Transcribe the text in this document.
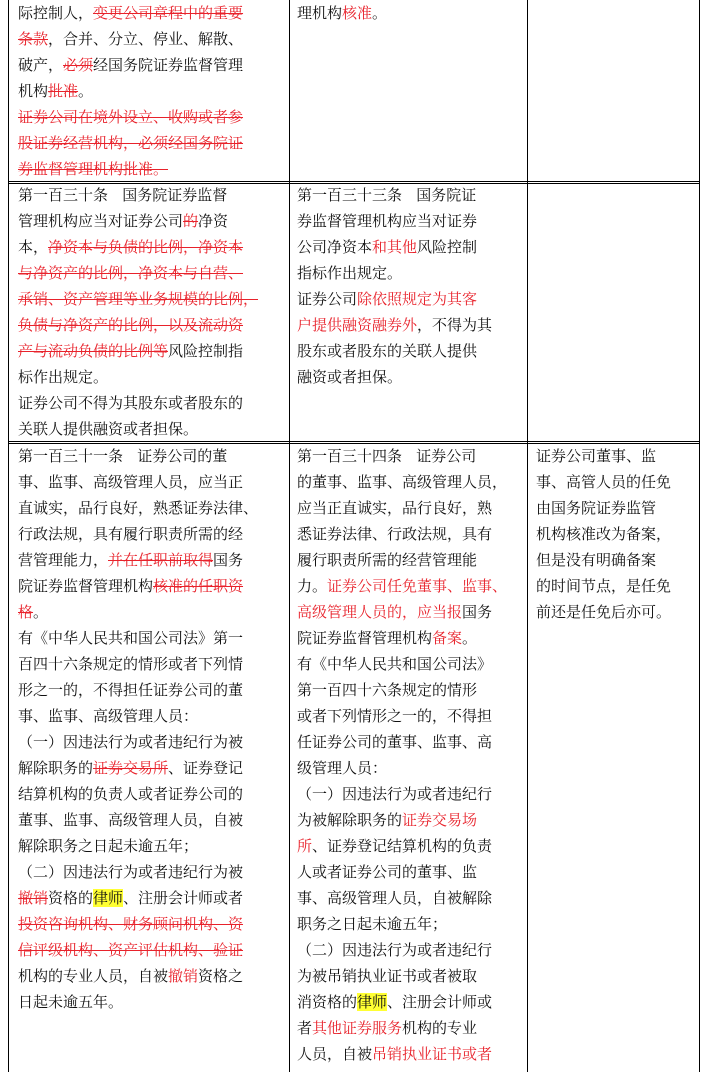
际控制人，变更公司章程中的重要

条款，合并、分立、停业、解散、

破产，必须经国务院证券监督管理

机构批准。

证券公司在境外设立、收购或者参

股证券经营机构，必须经国务院证

券监督管理机构批准。

理机构核准。

第一百三十条   国务院证券监督

管理机构应当对证券公司的净资

本，净资本与负债的比例，净资本

与净资产的比例，净资本与自营、

承销、资产管理等业务规模的比例，

负债与净资产的比例，以及流动资

产与流动负债的比例等风险控制指

标作出规定。

证券公司不得为其股东或者股东的

关联人提供融资或者担保。

第一百三十三条   国务院证

券监督管理机构应当对证券

公司净资本和其他风险控制

指标作出规定。

证券公司除依照规定为其客

户提供融资融券外，不得为其

股东或者股东的关联人提供

融资或者担保。

第一百三十一条   证券公司的董

事、监事、高级管理人员，应当正

直诚实，品行良好，熟悉证券法律、

行政法规，具有履行职责所需的经

营管理能力，并在任职前取得国务

院证券监督管理机构核准的任职资

格。

有《中华人民共和国公司法》第一

百四十六条规定的情形或者下列情

形之一的，不得担任证券公司的董

事、监事、高级管理人员：

（一）因违法行为或者违纪行为被

解除职务的证券交易所、证券登记

结算机构的负责人或者证券公司的

董事、监事、高级管理人员，自被

解除职务之日起未逾五年；

（二）因违法行为或者违纪行为被

撤销资格的律师、注册会计师或者

投资咨询机构、财务顾问机构、资

信评级机构、资产评估机构、验证

机构的专业人员，自被撤销资格之

日起未逾五年。

第一百三十四条   证券公司

的董事、监事、高级管理人员，

应当正直诚实，品行良好，熟

悉证券法律、行政法规，具有

履行职责所需的经营管理能

力。证券公司任免董事、监事、

高级管理人员的，应当报国务

院证券监督管理机构备案。

有《中华人民共和国公司法》

第一百四十六条规定的情形

或者下列情形之一的，不得担

任证券公司的董事、监事、高

级管理人员：

（一）因违法行为或者违纪行

为被解除职务的证券交易场

所、证券登记结算机构的负责

人或者证券公司的董事、监

事、高级管理人员，自被解除

职务之日起未逾五年；

（二）因违法行为或者违纪行

为被吊销执业证书或者被取

消资格的律师、注册会计师或

者其他证券服务机构的专业

人员，自被吊销执业证书或者

证券公司董事、监

事、高管人员的任免

由国务院证券监管

机构核准改为备案，

但是没有明确备案

的时间节点，是任免

前还是任免后亦可。
